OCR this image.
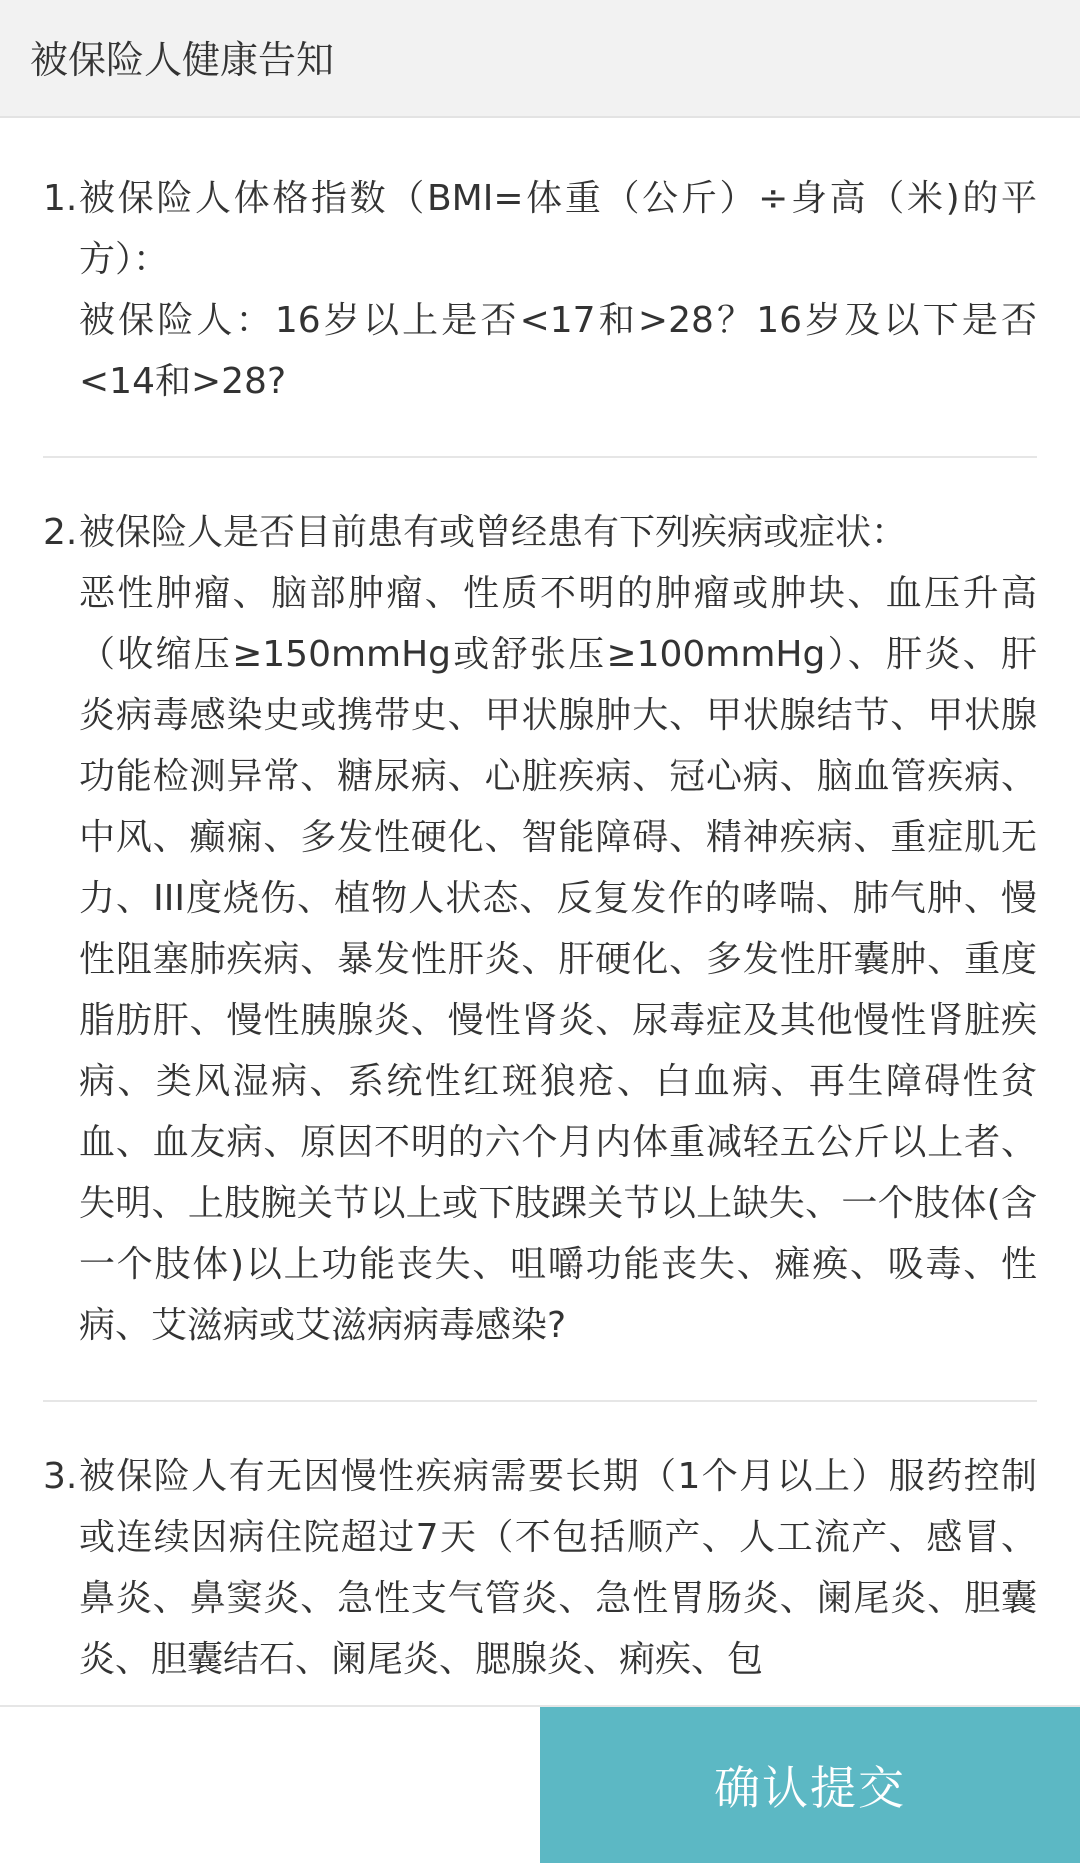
被保险人健康告知
1. 被保险人体格指数（BMI=体重（公斤）÷身高（米)的平方）：
被保险人：16岁以上是否<17和>28？16岁及以下是否<14和>28?
2. 被保险人是否目前患有或曾经患有下列疾病或症状：
恶性肿瘤、脑部肿瘤、性质不明的肿瘤或肿块、血压升高（收缩压≥150mmHg或舒张压≥100mmHg）、肝炎、肝炎病毒感染史或携带史、甲状腺肿大、甲状腺结节、甲状腺功能检测异常、糖尿病、心脏疾病、冠心病、脑血管疾病、中风、癫痫、多发性硬化、智能障碍、精神疾病、重症肌无力、III度烧伤、植物人状态、反复发作的哮喘、肺气肿、慢性阻塞肺疾病、暴发性肝炎、肝硬化、多发性肝囊肿、重度脂肪肝、慢性胰腺炎、慢性肾炎、尿毒症及其他慢性肾脏疾病、类风湿病、系统性红斑狼疮、白血病、再生障碍性贫血、血友病、原因不明的六个月内体重减轻五公斤以上者、失明、上肢腕关节以上或下肢踝关节以上缺失、一个肢体(含一个肢体)以上功能丧失、咀嚼功能丧失、瘫痪、吸毒、性病、艾滋病或艾滋病病毒感染?
3. 被保险人有无因慢性疾病需要长期（1个月以上）服药控制或连续因病住院超过7天（不包括顺产、人工流产、感冒、鼻炎、鼻窦炎、急性支气管炎、急性胃肠炎、阑尾炎、胆囊炎、胆囊结石、阑尾炎、腮腺炎、痢疾、包
确认提交
